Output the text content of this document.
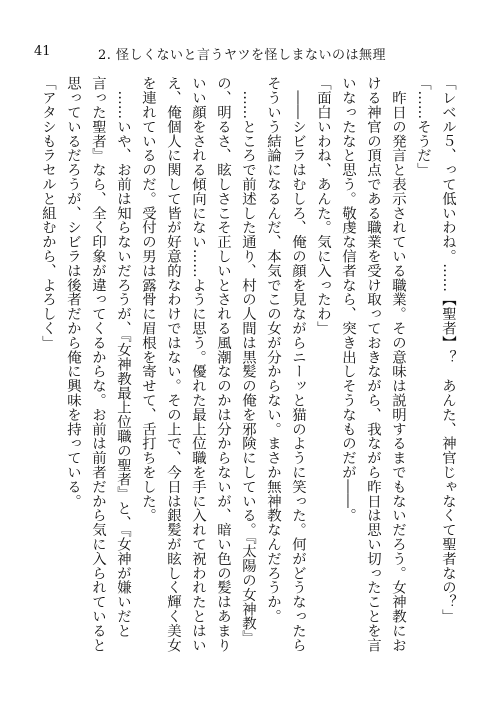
41	2. 怪しくないと言うヤツを怪しまないのは無理
「レベル５、って低いわね。……【聖者】？　あんた、神官じゃなくて聖者なの？」
「……そうだ」
　昨日の発言と表示されている職業。その意味は説明するまでもないだろう。女神教にお
ける神官の頂点である職業を受け取っておきながら、我ながら昨日は思い切ったことを言
いなったなと思う。敬虔な信者なら、突き出しそうなものだが――。
「面白いわね、あんた。気に入ったわ」
　――シビラはむしろ、俺の顔を見ながらニーッと猫のように笑った。何がどうなったら
そういう結論になるんだ、本気でこの女が分からない。まさか無神教なんだろうか。
　……ところで前述した通り、村の人間は黒髪の俺を邪険にしている。『太陽の女神教』
の、明るさ、眩しさこそ正しいとされる風潮なのかは分からないが、暗い色の髪はあまり
いい顔をされる傾向にない……ように思う。優れた最上位職を手に入れて祝われたとはい
え、俺個人に関して皆が好意的なわけではない。その上で、今日は銀髪が眩しく輝く美女
を連れているのだ。受付の男は露骨に眉根を寄せて、舌打ちをした。
　……いや、お前は知らないだろうが、『女神教最上位職の聖者』と、『女神が嫌いだと
言った聖者』なら、全く印象が違ってくるからな。お前は前者だから気に入られていると
思っているだろうが、シビラは後者だから俺に興味を持っている。
「アタシもラセルと組むから、よろしく」
